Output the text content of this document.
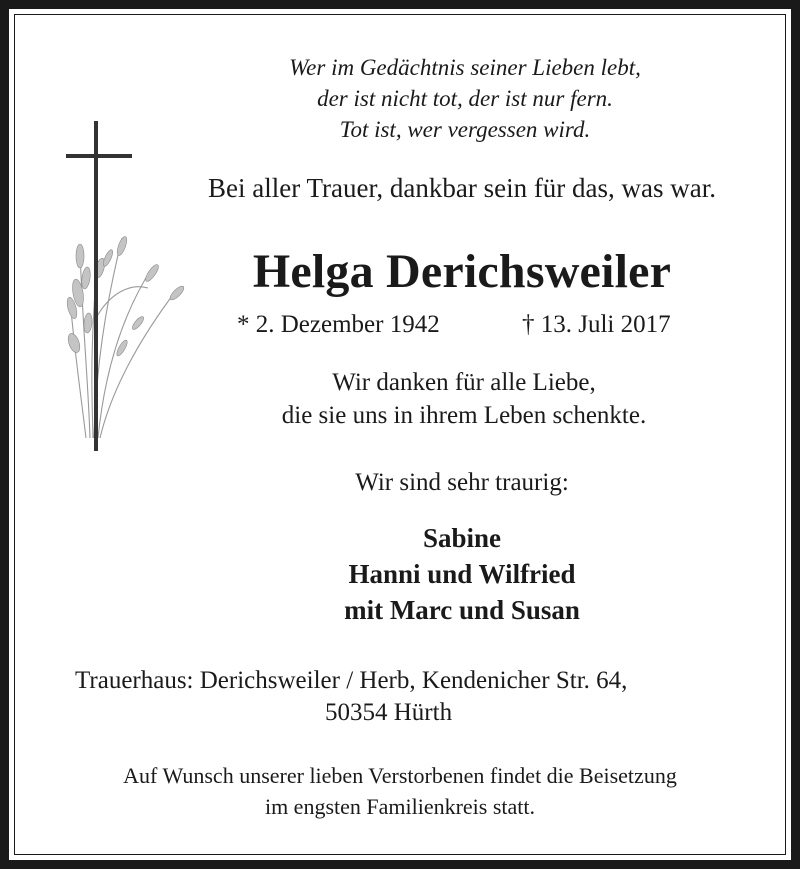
Wer im Gedächtnis seiner Lieben lebt,
der ist nicht tot, der ist nur fern.
Tot ist, wer vergessen wird.
Bei aller Trauer, dankbar sein für das, was war.
Helga Derichsweiler
* 2. Dezember 1942	† 13. Juli 2017
Wir danken für alle Liebe,
die sie uns in ihrem Leben schenkte.
Wir sind sehr traurig:
Sabine
Hanni und Wilfried
mit Marc und Susan
Trauerhaus: Derichsweiler / Herb, Kendenicher Str. 64,
50354 Hürth
Auf Wunsch unserer lieben Verstorbenen findet die Beisetzung
im engsten Familienkreis statt.
